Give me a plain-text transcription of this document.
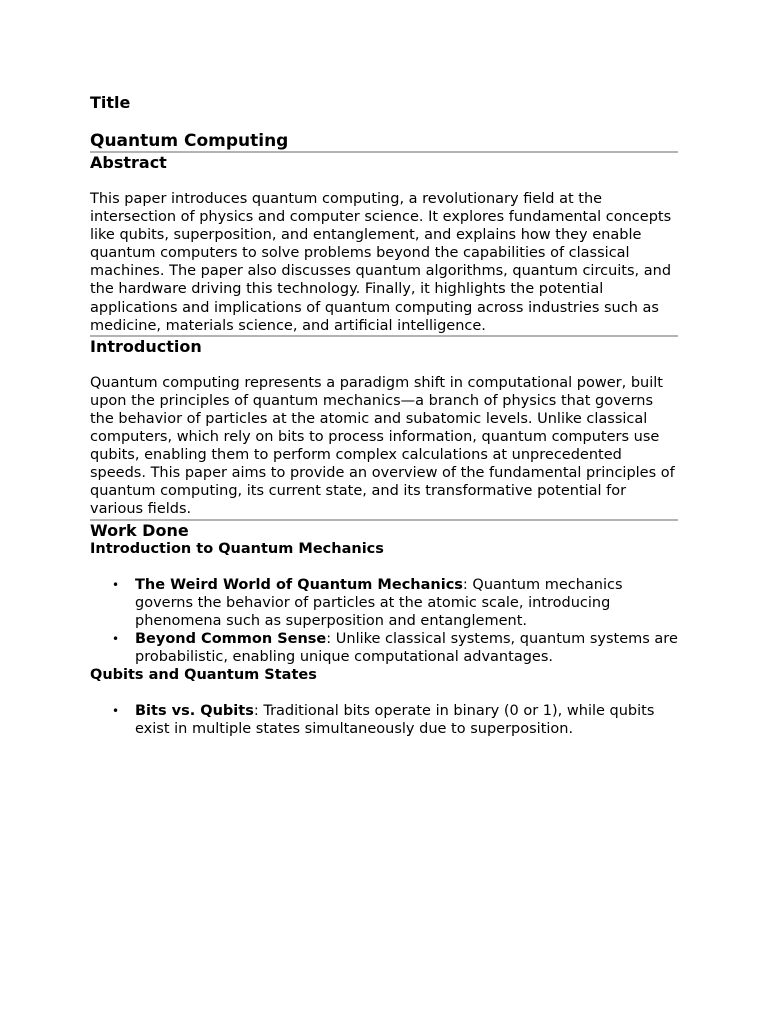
Title
Quantum Computing
Abstract

This paper introduces quantum computing, a revolutionary field at the intersection of physics and computer science. It explores fundamental concepts like qubits, superposition, and entanglement, and explains how they enable quantum computers to solve problems beyond the capabilities of classical machines. The paper also discusses quantum algorithms, quantum circuits, and the hardware driving this technology. Finally, it highlights the potential applications and implications of quantum computing across industries such as medicine, materials science, and artificial intelligence.

Introduction

Quantum computing represents a paradigm shift in computational power, built upon the principles of quantum mechanics—a branch of physics that governs the behavior of particles at the atomic and subatomic levels. Unlike classical computers, which rely on bits to process information, quantum computers use qubits, enabling them to perform complex calculations at unprecedented speeds. This paper aims to provide an overview of the fundamental principles of quantum computing, its current state, and its transformative potential for various fields.

Work Done
Introduction to Quantum Mechanics
• The Weird World of Quantum Mechanics: Quantum mechanics governs the behavior of particles at the atomic scale, introducing phenomena such as superposition and entanglement.
• Beyond Common Sense: Unlike classical systems, quantum systems are probabilistic, enabling unique computational advantages.
Qubits and Quantum States
• Bits vs. Qubits: Traditional bits operate in binary (0 or 1), while qubits exist in multiple states simultaneously due to superposition.
